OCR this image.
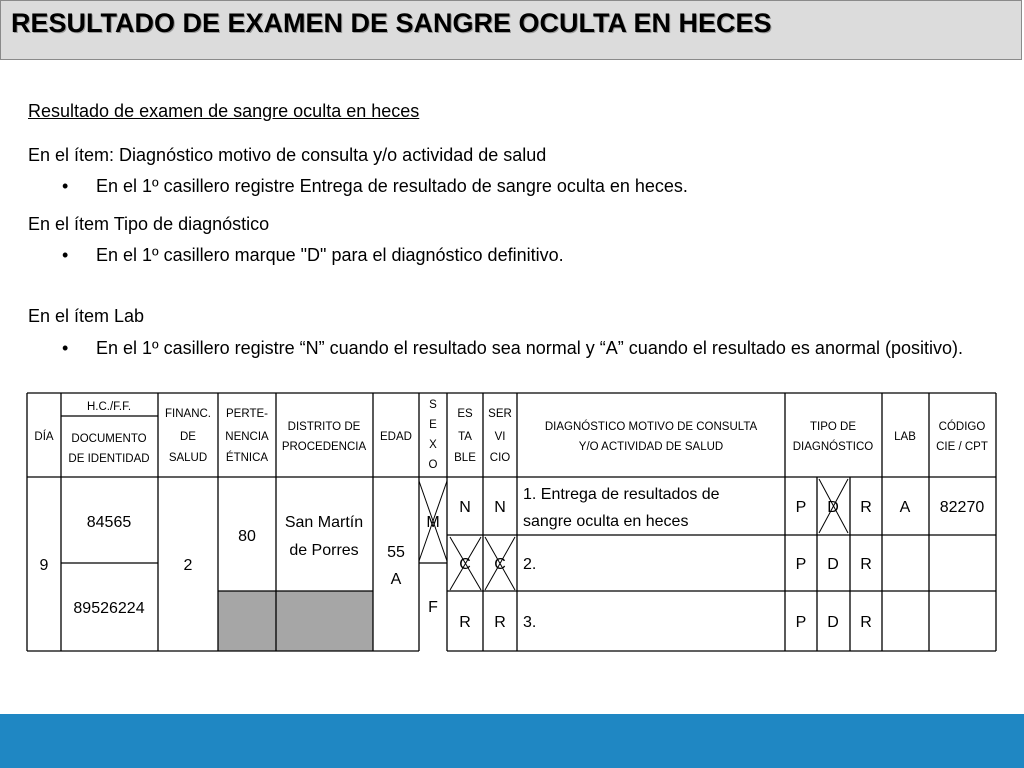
RESULTADO DE EXAMEN DE SANGRE OCULTA EN HECES
Resultado de examen de sangre oculta en heces
En el ítem: Diagnóstico motivo de consulta y/o actividad de salud
• En el 1º casillero registre Entrega de resultado de sangre oculta en heces.
En el ítem Tipo de diagnóstico
• En el 1º casillero marque "D" para el diagnóstico definitivo.
En el ítem Lab
• En el 1º casillero registre “N” cuando el resultado sea normal y “A” cuando el resultado es anormal (positivo).
DÍA
H.C./F.F.
DOCUMENTO
DE IDENTIDAD
FINANC.
DE
SALUD
PERTE-
NENCIA
ÉTNICA
DISTRITO DE
PROCEDENCIA
EDAD
S
E
X
O
ES
TA
BLE
SER
VI
CIO
DIAGNÓSTICO MOTIVO DE CONSULTA
Y/O ACTIVIDAD DE SALUD
TIPO DE
DIAGNÓSTICO
LAB
CÓDIGO
CIE / CPT
9
84565
89526224
2
80
San Martín
de Porres 55
A
M
F
N
C
R
N
C
R
1. Entrega de resultados de
sangre oculta en heces
2.
3.
P D R
P D R
P D R
A 82270
